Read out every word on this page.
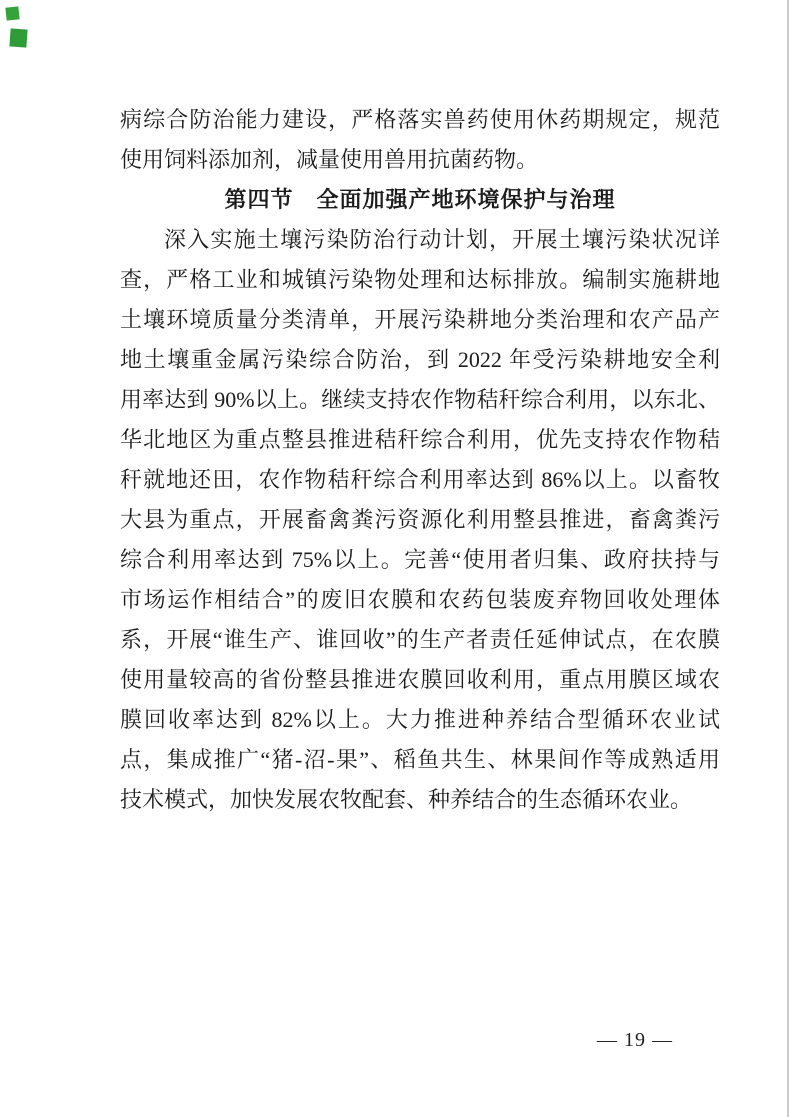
病综合防治能力建设，严格落实兽药使用休药期规定，规范
使用饲料添加剂，减量使用兽用抗菌药物。
第四节　全面加强产地环境保护与治理
深入实施土壤污染防治行动计划，开展土壤污染状况详
查，严格工业和城镇污染物处理和达标排放。编制实施耕地
土壤环境质量分类清单，开展污染耕地分类治理和农产品产
地土壤重金属污染综合防治，到 2022 年受污染耕地安全利
用率达到 90%以上。继续支持农作物秸秆综合利用，以东北、
华北地区为重点整县推进秸秆综合利用，优先支持农作物秸
秆就地还田，农作物秸秆综合利用率达到 86%以上。以畜牧
大县为重点，开展畜禽粪污资源化利用整县推进，畜禽粪污
综合利用率达到 75%以上。完善“使用者归集、政府扶持与
市场运作相结合”的废旧农膜和农药包装废弃物回收处理体
系，开展“谁生产、谁回收”的生产者责任延伸试点，在农膜
使用量较高的省份整县推进农膜回收利用，重点用膜区域农
膜回收率达到 82%以上。大力推进种养结合型循环农业试
点，集成推广“猪-沼-果”、稻鱼共生、林果间作等成熟适用
技术模式，加快发展农牧配套、种养结合的生态循环农业。
— 19 —
